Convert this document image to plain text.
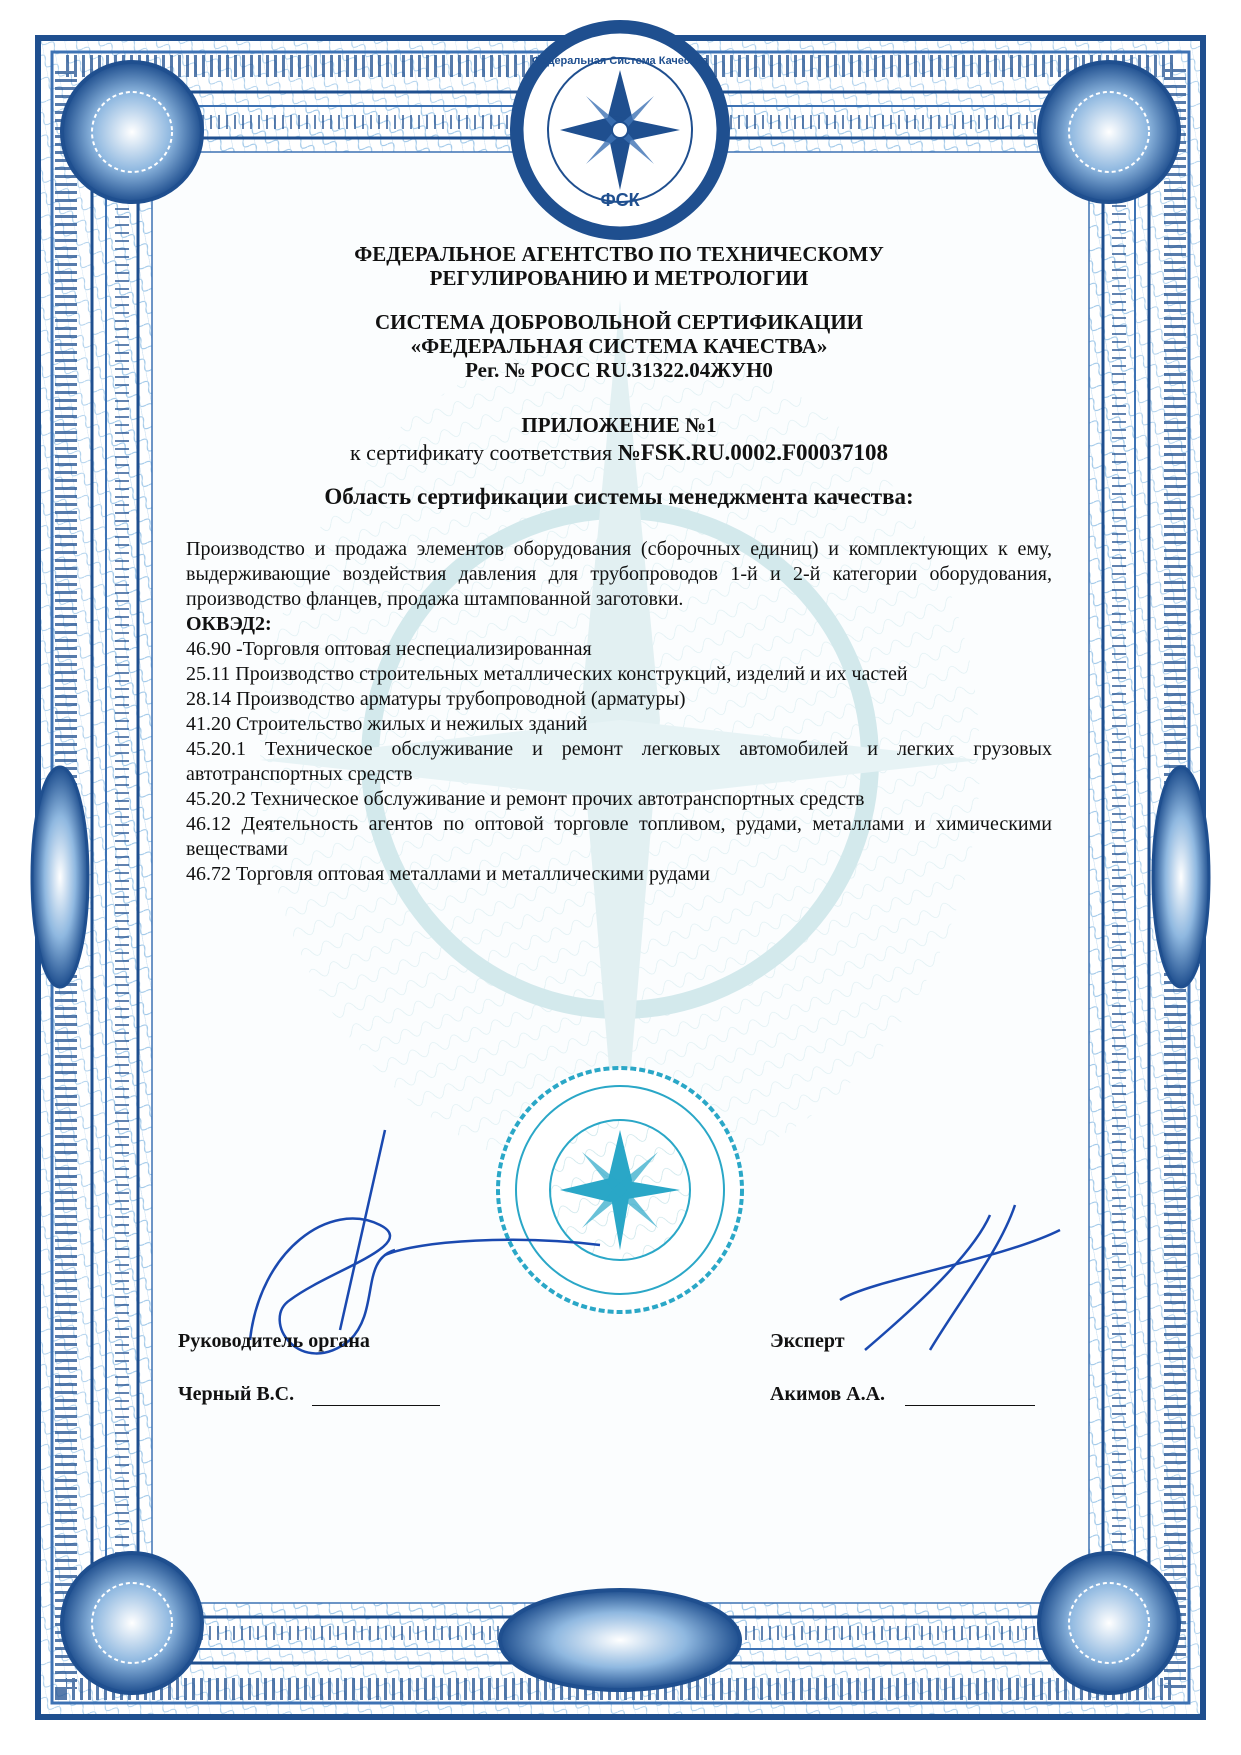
Федеральная Система Качества
ФСК
ФЕДЕРАЛЬНОЕ АГЕНТСТВО ПО ТЕХНИЧЕСКОМУ
РЕГУЛИРОВАНИЮ И МЕТРОЛОГИИ
СИСТЕМА ДОБРОВОЛЬНОЙ СЕРТИФИКАЦИИ
«ФЕДЕРАЛЬНАЯ СИСТЕМА КАЧЕСТВА»
Рег. № РОСС RU.31322.04ЖУН0
ПРИЛОЖЕНИЕ №1
к сертификату соответствия №FSK.RU.0002.F00037108
Область сертификации системы менеджмента качества:

Производство и продажа элементов оборудования (сборочных единиц) и комплектующих к ему, выдерживающие воздействия давления для трубопроводов 1-й и 2-й категории оборудования, производство фланцев, продажа штампованной заготовки.

ОКВЭД2:

46.90 -Торговля оптовая неспециализированная
25.11 Производство строительных металлических конструкций, изделий и их частей
28.14 Производство арматуры трубопроводной (арматуры)
41.20 Строительство жилых и нежилых зданий
45.20.1 Техническое обслуживание и ремонт легковых автомобилей и легких грузовых автотранспортных средств
45.20.2 Техническое обслуживание и ремонт прочих автотранспортных средств
46.12 Деятельность агентов по оптовой торговле топливом, рудами, металлами и химическими веществами
46.72 Торговля оптовая металлами и металлическими рудами
Руководитель органа
Черный В.С.
Эксперт
Акимов А.А.
